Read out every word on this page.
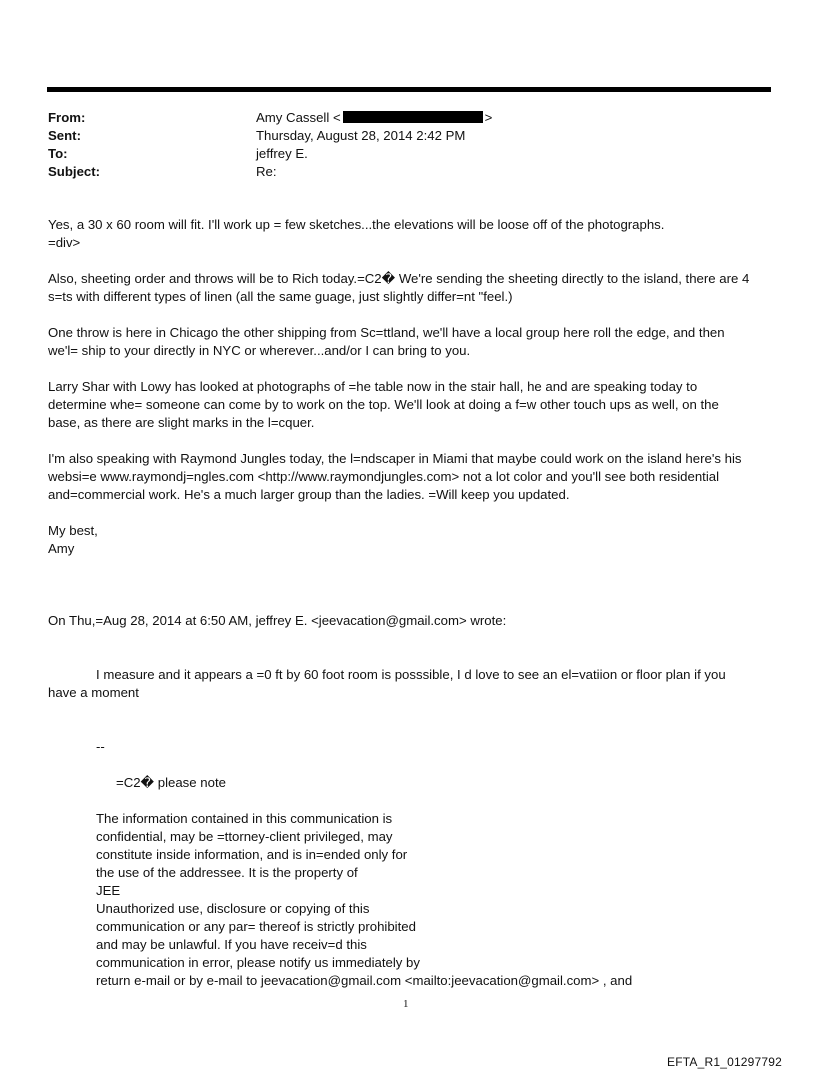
From:	Amy Cassell <	>
Sent:	Thursday, August 28, 2014 2:42 PM
To:	jeffrey E.
Subject:	Re:
Yes, a 30 x 60 room will fit. I'll work up = few sketches...the elevations will be loose off of the photographs.
=div>
Also, sheeting order and throws will be to Rich today.=C2� We're sending the sheeting directly to the island, there are 4
s=ts with different types of linen (all the same guage, just slightly differ=nt "feel.)
One throw is here in Chicago the other shipping from Sc=ttland, we'll have a local group here roll the edge, and then
we'l= ship to your directly in NYC or wherever...and/or I can bring to you.
Larry Shar with Lowy has looked at photographs of =he table now in the stair hall, he and are speaking today to
determine whe= someone can come by to work on the top. We'll look at doing a f=w other touch ups as well, on the
base, as there are slight marks in the l=cquer.
I'm also speaking with Raymond Jungles today, the l=ndscaper in Miami that maybe could work on the island here's his
websi=e www.raymondj=ngles.com <http://www.raymondjungles.com> not a lot color and you'll see both residential
and=commercial work. He's a much larger group than the ladies. =Will keep you updated.
My best,
Amy
On Thu,=Aug 28, 2014 at 6:50 AM, jeffrey E. <jeevacation@gmail.com> wrote:
I measure and it appears a =0 ft by 60 foot room is posssible, I d love to see an el=vatiion or floor plan if you
have a moment
--
=C2� please note
The information contained in this communication is
confidential, may be =ttorney-client privileged, may
constitute inside information, and is in=ended only for
the use of the addressee. It is the property of
JEE
Unauthorized use, disclosure or copying of this
communication or any par= thereof is strictly prohibited
and may be unlawful. If you have receiv=d this
communication in error, please notify us immediately by
return e-mail or by e-mail to jeevacation@gmail.com <mailto:jeevacation@gmail.com> , and
1
EFTA_R1_01297792
